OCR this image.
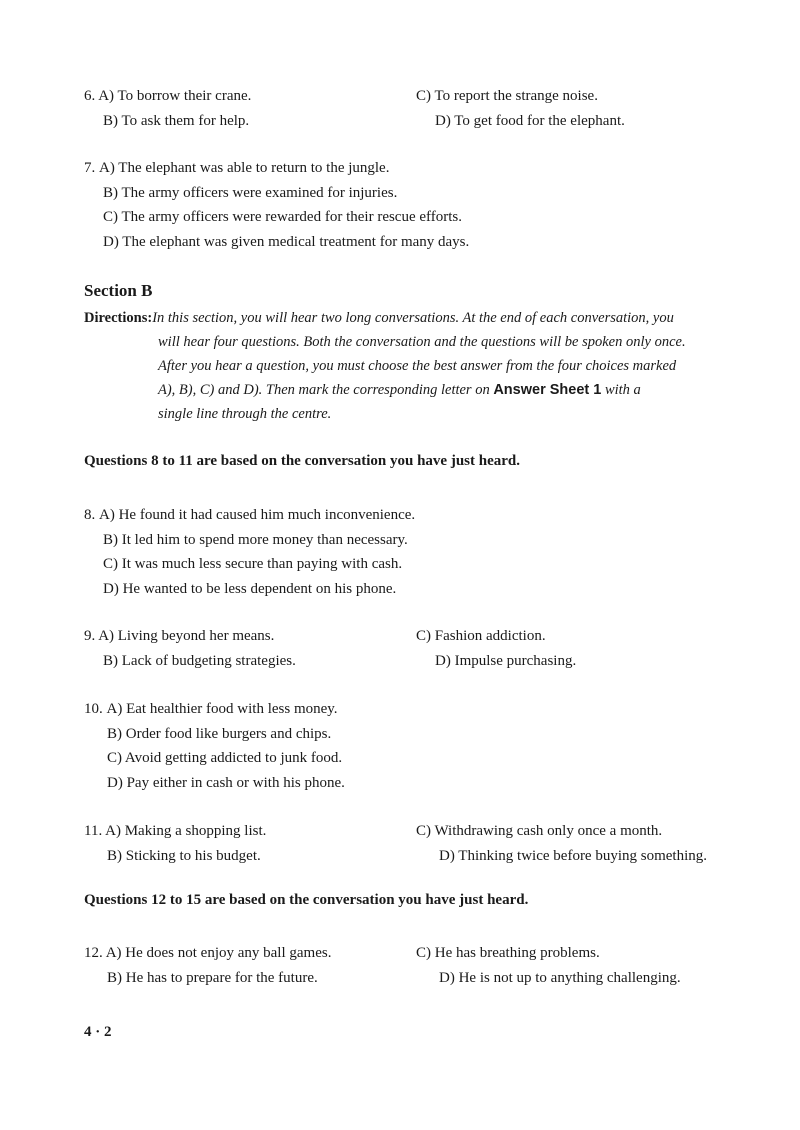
6. A) To borrow their crane.	C) To report the strange noise.
B) To ask them for help.	D) To get food for the elephant.
7.
A) The elephant was able to return to the jungle.
B) The army officers were examined for injuries.
C) The army officers were rewarded for their rescue efforts.
D) The elephant was given medical treatment for many days.
Section B
Directions:In this section, you will hear two long conversations. At the end of each conversation, you
will hear four questions. Both the conversation and the questions will be spoken only once.
After you hear a question, you must choose the best answer from the four choices marked
A), B), C) and D). Then mark the corresponding letter on Answer Sheet 1 with a
single line through the centre.
Questions 8 to 11 are based on the conversation you have just heard.
8.
A) He found it had caused him much inconvenience.
B) It led him to spend more money than necessary.
C) It was much less secure than paying with cash.
D) He wanted to be less dependent on his phone.
9. A) Living beyond her means.	C) Fashion addiction.
B) Lack of budgeting strategies.	D) Impulse purchasing.
10.
A) Eat healthier food with less money.
B) Order food like burgers and chips.
C) Avoid getting addicted to junk food.
D) Pay either in cash or with his phone.
11. A) Making a shopping list.	C) Withdrawing cash only once a month.
B) Sticking to his budget.	D) Thinking twice before buying something.
Questions 12 to 15 are based on the conversation you have just heard.
12. A) He does not enjoy any ball games.	C) He has breathing problems.
B) He has to prepare for the future.	D) He is not up to anything challenging.
4 · 2
